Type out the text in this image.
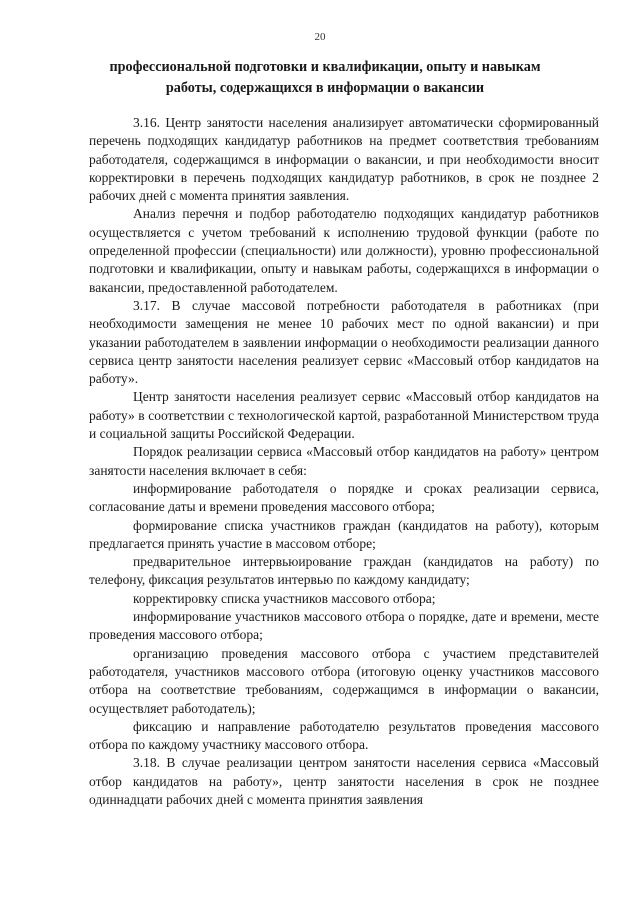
20
профессиональной подготовки и квалификации, опыту и навыкам
работы, содержащихся в информации о вакансии

3.16. Центр занятости населения анализирует автоматически сформированный перечень подходящих кандидатур работников на предмет соответствия требованиям работодателя, содержащимся в информации о вакансии, и при необходимости вносит корректировки в перечень подходящих кандидатур работников, в срок не позднее 2 рабочих дней с момента принятия заявления.

Анализ перечня и подбор работодателю подходящих кандидатур работников осуществляется с учетом требований к исполнению трудовой функции (работе по определенной профессии (специальности) или должности), уровню профессиональной подготовки и квалификации, опыту и навыкам работы, содержащихся в информации о вакансии, предоставленной работодателем.

3.17. В случае массовой потребности работодателя в работниках (при необходимости замещения не менее 10 рабочих мест по одной вакансии) и при указании работодателем в заявлении информации о необходимости реализации данного сервиса центр занятости населения реализует сервис «Массовый отбор кандидатов на работу».

Центр занятости населения реализует сервис «Массовый отбор кандидатов на работу» в соответствии с технологической картой, разработанной Министерством труда и социальной защиты Российской Федерации.

Порядок реализации сервиса «Массовый отбор кандидатов на работу» центром занятости населения включает в себя:

информирование работодателя о порядке и сроках реализации сервиса, согласование даты и времени проведения массового отбора;

формирование списка участников граждан (кандидатов на работу), которым предлагается принять участие в массовом отборе;

предварительное интервьюирование граждан (кандидатов на работу) по телефону, фиксация результатов интервью по каждому кандидату;

корректировку списка участников массового отбора;

информирование участников массового отбора о порядке, дате и времени, месте проведения массового отбора;

организацию проведения массового отбора с участием представителей работодателя, участников массового отбора (итоговую оценку участников массового отбора на соответствие требованиям, содержащимся в информации о вакансии, осуществляет работодатель);

фиксацию и направление работодателю результатов проведения массового отбора по каждому участнику массового отбора.

3.18. В случае реализации центром занятости населения сервиса «Массовый отбор кандидатов на работу», центр занятости населения в срок не позднее одиннадцати рабочих дней с момента принятия заявления
